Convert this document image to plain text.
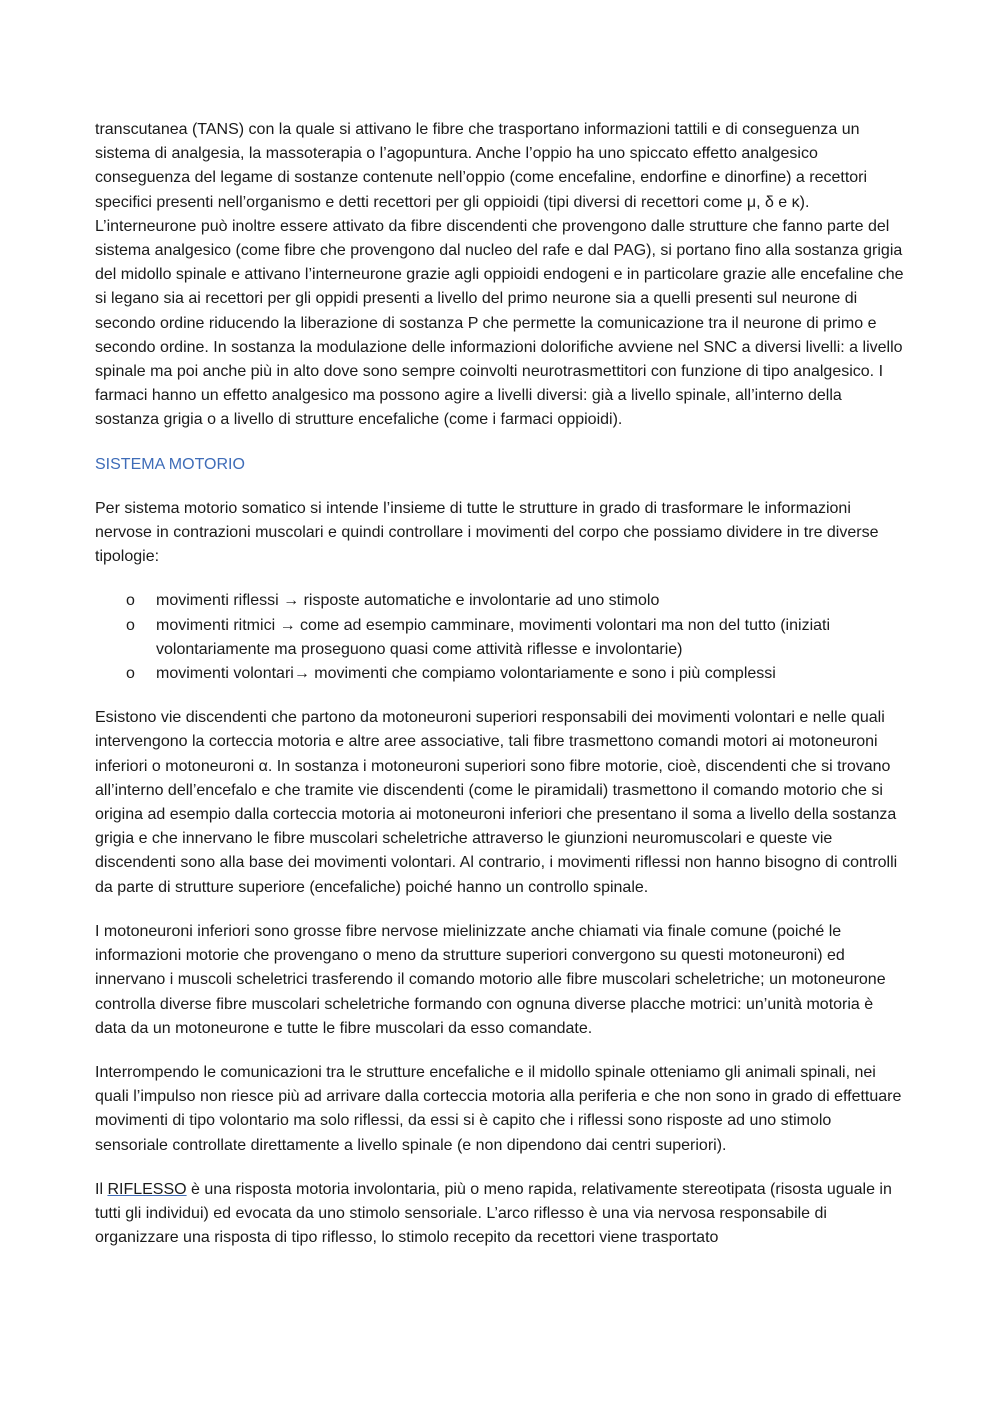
transcutanea (TANS) con la quale si attivano le fibre che trasportano informazioni tattili e di conseguenza un sistema di analgesia, la massoterapia o l’agopuntura. Anche l’oppio ha uno spiccato effetto analgesico conseguenza del legame di sostanze contenute nell’oppio (come encefaline, endorfine e dinorfine) a recettori specifici presenti nell’organismo e detti recettori per gli oppioidi (tipi diversi di recettori come μ, δ e κ). L’interneurone può inoltre essere attivato da fibre discendenti che provengono dalle strutture che fanno parte del sistema analgesico (come fibre che provengono dal nucleo del rafe e dal PAG), si portano fino alla sostanza grigia del midollo spinale e attivano l’interneurone grazie agli oppioidi endogeni e in particolare grazie alle encefaline che si legano sia ai recettori per gli oppidi presenti a livello del primo neurone sia a quelli presenti sul neurone di secondo ordine riducendo la liberazione di sostanza P che permette la comunicazione tra il neurone di primo e secondo ordine. In sostanza la modulazione delle informazioni dolorifiche avviene nel SNC a diversi livelli: a livello spinale ma poi anche più in alto dove sono sempre coinvolti neurotrasmettitori con funzione di tipo analgesico. I farmaci hanno un effetto analgesico ma possono agire a livelli diversi: già a livello spinale, all’interno della sostanza grigia o a livello di strutture encefaliche (come i farmaci oppioidi).

SISTEMA MOTORIO

Per sistema motorio somatico si intende l’insieme di tutte le strutture in grado di trasformare le informazioni nervose in contrazioni muscolari e quindi controllare i movimenti del corpo che possiamo dividere in tre diverse tipologie:

o movimenti riflessi → risposte automatiche e involontarie ad uno stimolo
o movimenti ritmici → come ad esempio camminare, movimenti volontari ma non del tutto (iniziati volontariamente ma proseguono quasi come attività riflesse e involontarie)
o movimenti volontari→ movimenti che compiamo volontariamente e sono i più complessi

Esistono vie discendenti che partono da motoneuroni superiori responsabili dei movimenti volontari e nelle quali intervengono la corteccia motoria e altre aree associative, tali fibre trasmettono comandi motori ai motoneuroni inferiori o motoneuroni α. In sostanza i motoneuroni superiori sono fibre motorie, cioè, discendenti che si trovano all’interno dell’encefalo e che tramite vie discendenti (come le piramidali) trasmettono il comando motorio che si origina ad esempio dalla corteccia motoria ai motoneuroni inferiori che presentano il soma a livello della sostanza grigia e che innervano le fibre muscolari scheletriche attraverso le giunzioni neuromuscolari e queste vie discendenti sono alla base dei movimenti volontari. Al contrario, i movimenti riflessi non hanno bisogno di controlli da parte di strutture superiore (encefaliche) poiché hanno un controllo spinale.

I motoneuroni inferiori sono grosse fibre nervose mielinizzate anche chiamati via finale comune (poiché le informazioni motorie che provengano o meno da strutture superiori convergono su questi motoneuroni) ed innervano i muscoli scheletrici trasferendo il comando motorio alle fibre muscolari scheletriche; un motoneurone controlla diverse fibre muscolari scheletriche formando con ognuna diverse placche motrici: un’unità motoria è data da un motoneurone e tutte le fibre muscolari da esso comandate.

Interrompendo le comunicazioni tra le strutture encefaliche e il midollo spinale otteniamo gli animali spinali, nei quali l’impulso non riesce più ad arrivare dalla corteccia motoria alla periferia e che non sono in grado di effettuare movimenti di tipo volontario ma solo riflessi, da essi si è capito che i riflessi sono risposte ad uno stimolo sensoriale controllate direttamente a livello spinale (e non dipendono dai centri superiori).

Il RIFLESSO è una risposta motoria involontaria, più o meno rapida, relativamente stereotipata (risosta uguale in tutti gli individui) ed evocata da uno stimolo sensoriale. L’arco riflesso è una via nervosa responsabile di organizzare una risposta di tipo riflesso, lo stimolo recepito da recettori viene trasportato
